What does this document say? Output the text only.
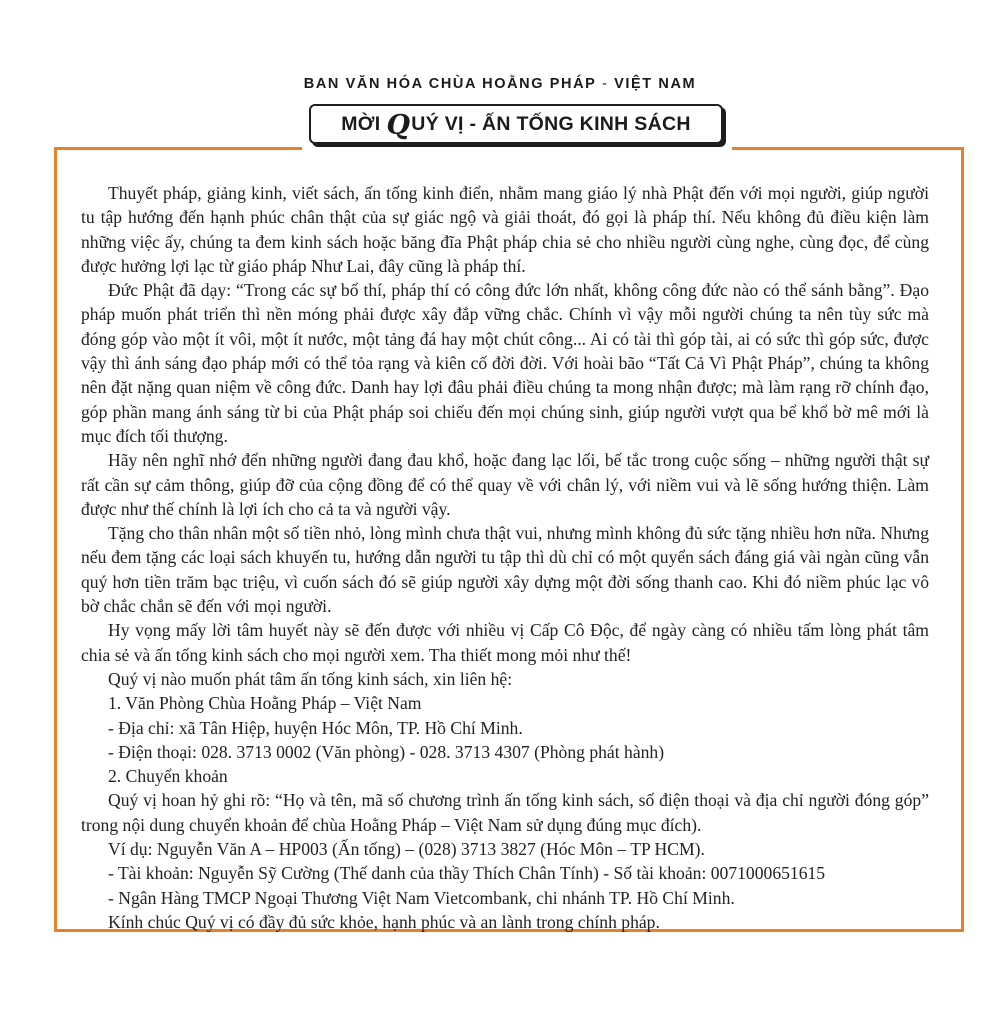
BAN VĂN HÓA CHÙA HOẰNG PHÁP - VIỆT NAM
MỜI Q UÝ VỊ - ẤN TỐNG KINH SÁCH

Thuyết pháp, giảng kinh, viết sách, ấn tống kinh điển, nhằm mang giáo lý nhà Phật đến với mọi người, giúp người tu tập hướng đến hạnh phúc chân thật của sự giác ngộ và giải thoát, đó gọi là pháp thí. Nếu không đủ điều kiện làm những việc ấy, chúng ta đem kinh sách hoặc băng đĩa Phật pháp chia sẻ cho nhiều người cùng nghe, cùng đọc, để cùng được hưởng lợi lạc từ giáo pháp Như Lai, đây cũng là pháp thí.

Đức Phật đã dạy: “Trong các sự bố thí, pháp thí có công đức lớn nhất, không công đức nào có thể sánh bằng”. Đạo pháp muốn phát triển thì nền móng phải được xây đắp vững chắc. Chính vì vậy mỗi người chúng ta nên tùy sức mà đóng góp vào một ít vôi, một ít nước, một tảng đá hay một chút công... Ai có tài thì góp tài, ai có sức thì góp sức, được vậy thì ánh sáng đạo pháp mới có thể tỏa rạng và kiên cố đời đời. Với hoài bão “Tất Cả Vì Phật Pháp”, chúng ta không nên đặt nặng quan niệm về công đức. Danh hay lợi đâu phải điều chúng ta mong nhận được; mà làm rạng rỡ chính đạo, góp phần mang ánh sáng từ bi của Phật pháp soi chiếu đến mọi chúng sinh, giúp người vượt qua bể khổ bờ mê mới là mục đích tối thượng.

Hãy nên nghĩ nhớ đến những người đang đau khổ, hoặc đang lạc lối, bế tắc trong cuộc sống – những người thật sự rất cần sự cảm thông, giúp đỡ của cộng đồng để có thể quay về với chân lý, với niềm vui và lẽ sống hướng thiện. Làm được như thế chính là lợi ích cho cả ta và người vậy.

Tặng cho thân nhân một số tiền nhỏ, lòng mình chưa thật vui, nhưng mình không đủ sức tặng nhiều hơn nữa. Nhưng nếu đem tặng các loại sách khuyến tu, hướng dẫn người tu tập thì dù chỉ có một quyển sách đáng giá vài ngàn cũng vẫn quý hơn tiền trăm bạc triệu, vì cuốn sách đó sẽ giúp người xây dựng một đời sống thanh cao. Khi đó niềm phúc lạc vô bờ chắc chắn sẽ đến với mọi người.

Hy vọng mấy lời tâm huyết này sẽ đến được với nhiều vị Cấp Cô Độc, để ngày càng có nhiều tấm lòng phát tâm chia sẻ và ấn tống kinh sách cho mọi người xem. Tha thiết mong mỏi như thế!

Quý vị nào muốn phát tâm ấn tống kinh sách, xin liên hệ:
1. Văn Phòng Chùa Hoằng Pháp – Việt Nam
- Địa chỉ: xã Tân Hiệp, huyện Hóc Môn, TP. Hồ Chí Minh.
- Điện thoại: 028. 3713 0002 (Văn phòng) - 028. 3713 4307 (Phòng phát hành)
2. Chuyển khoản

Quý vị hoan hỷ ghi rõ: “Họ và tên, mã số chương trình ấn tống kinh sách, số điện thoại và địa chỉ người đóng góp” trong nội dung chuyển khoản để chùa Hoằng Pháp – Việt Nam sử dụng đúng mục đích).

Ví dụ: Nguyễn Văn A – HP003 (Ấn tống) – (028) 3713 3827 (Hóc Môn – TP HCM).
- Tài khoản: Nguyễn Sỹ Cường (Thế danh của thầy Thích Chân Tính) - Số tài khoản: 0071000651615
- Ngân Hàng TMCP Ngoại Thương Việt Nam Vietcombank, chi nhánh TP. Hồ Chí Minh.
Kính chúc Quý vị có đầy đủ sức khỏe, hạnh phúc và an lành trong chính pháp.
